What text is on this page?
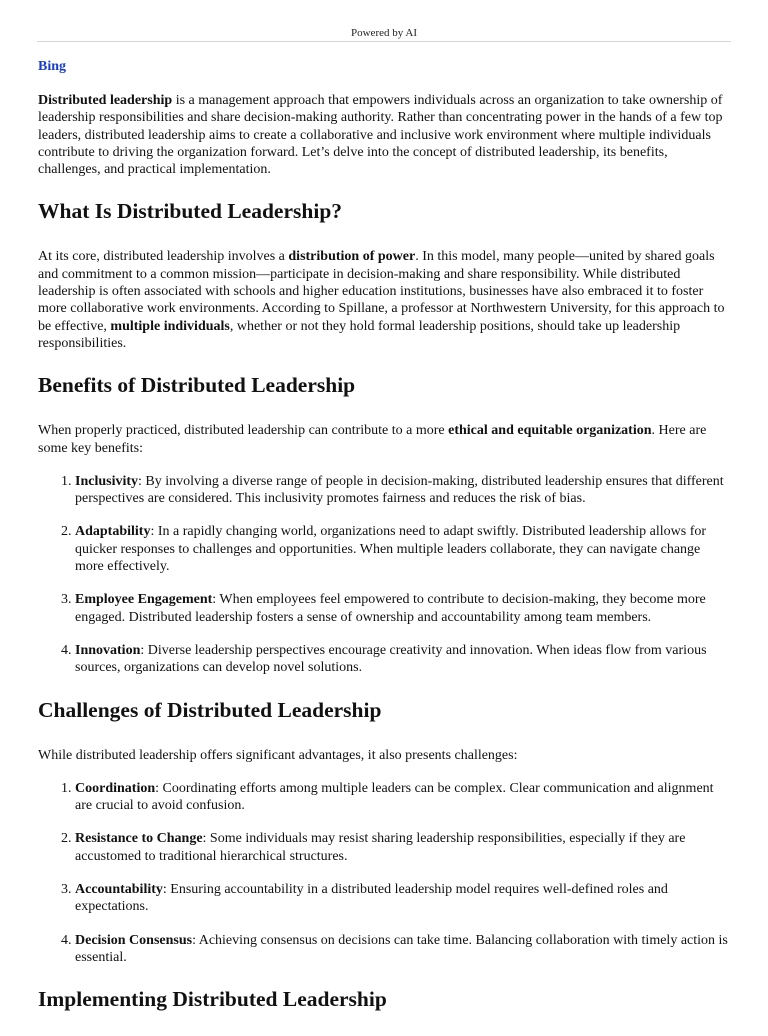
Powered by AI
Bing

Distributed leadership is a management approach that empowers individuals across an organization to take ownership of leadership responsibilities and share decision-making authority. Rather than concentrating power in the hands of a few top leaders, distributed leadership aims to create a collaborative and inclusive work environment where multiple individuals contribute to driving the organization forward. Let’s delve into the concept of distributed leadership, its benefits, challenges, and practical implementation.

What Is Distributed Leadership?

At its core, distributed leadership involves a distribution of power. In this model, many people—united by shared goals and commitment to a common mission—participate in decision-making and share responsibility. While distributed leadership is often associated with schools and higher education institutions, businesses have also embraced it to foster more collaborative work environments. According to Spillane, a professor at Northwestern University, for this approach to be effective, multiple individuals, whether or not they hold formal leadership positions, should take up leadership responsibilities.

Benefits of Distributed Leadership

When properly practiced, distributed leadership can contribute to a more ethical and equitable organization. Here are some key benefits:

1. Inclusivity: By involving a diverse range of people in decision-making, distributed leadership ensures that different perspectives are considered. This inclusivity promotes fairness and reduces the risk of bias.
2. Adaptability: In a rapidly changing world, organizations need to adapt swiftly. Distributed leadership allows for quicker responses to challenges and opportunities. When multiple leaders collaborate, they can navigate change more effectively.
3. Employee Engagement: When employees feel empowered to contribute to decision-making, they become more engaged. Distributed leadership fosters a sense of ownership and accountability among team members.
4. Innovation: Diverse leadership perspectives encourage creativity and innovation. When ideas flow from various sources, organizations can develop novel solutions.
Challenges of Distributed Leadership

While distributed leadership offers significant advantages, it also presents challenges:

1. Coordination: Coordinating efforts among multiple leaders can be complex. Clear communication and alignment are crucial to avoid confusion.
2. Resistance to Change: Some individuals may resist sharing leadership responsibilities, especially if they are accustomed to traditional hierarchical structures.
3. Accountability: Ensuring accountability in a distributed leadership model requires well-defined roles and expectations.
4. Decision Consensus: Achieving consensus on decisions can take time. Balancing collaboration with timely action is essential.
Implementing Distributed Leadership
